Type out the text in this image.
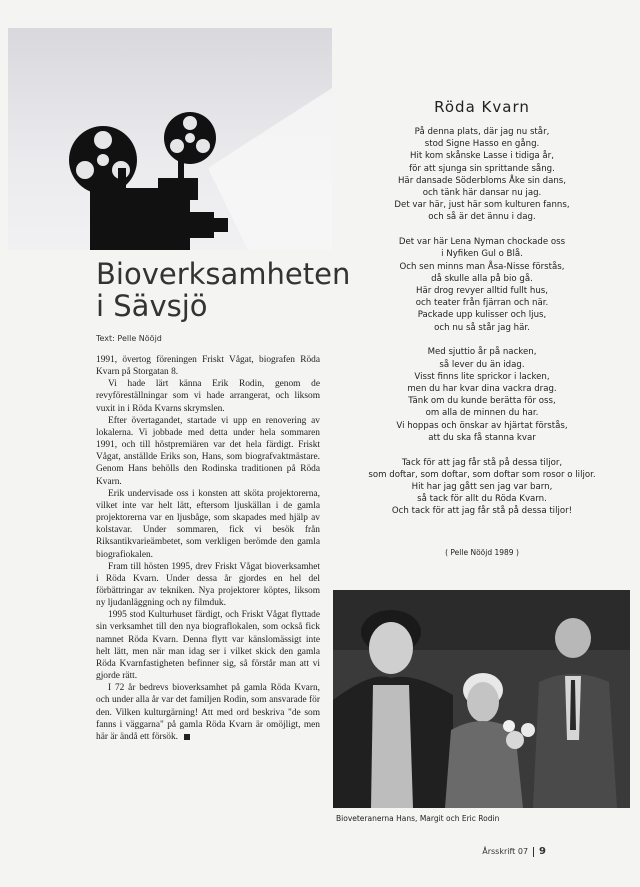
Bioverksamheten
i Sävsjö
Text: Pelle Nööjd

1991, övertog föreningen Friskt Vågat, biografen Röda Kvarn på Storgatan 8.

Vi hade lärt känna Erik Rodin, genom de revyföreställningar som vi hade arrangerat, och liksom vuxit in i Röda Kvarns skrymslen.

Efter övertagandet, startade vi upp en renovering av lokalerna. Vi jobbade med detta under hela sommaren 1991, och till höstpremiären var det hela färdigt. Friskt Vågat, anställde Eriks son, Hans, som biografvaktmästare. Genom Hans behölls den Rodinska traditionen på Röda Kvarn.

Erik undervisade oss i konsten att sköta projektorerna, vilket inte var helt lätt, eftersom ljuskällan i de gamla projektorerna var en ljusbåge, som skapades med hjälp av kolstavar. Under sommaren, fick vi besök från Riksantikvarieämbetet, som verkligen berömde den gamla biografiokalen.

Fram till hösten 1995, drev Friskt Vågat bioverksamhet i Röda Kvarn. Under dessa år gjordes en hel del förbättringar av tekniken. Nya projektorer köptes, liksom ny ljudanläggning och ny filmduk.

1995 stod Kulturhuset färdigt, och Friskt Vågat flyttade sin verksamhet till den nya biograflokalen, som också fick namnet Röda Kvarn. Denna flytt var känslomässigt inte helt lätt, men när man idag ser i vilket skick den gamla Röda Kvarnfastigheten befinner sig, så förstår man att vi gjorde rätt.

I 72 år bedrevs bioverksamhet på gamla Röda Kvarn, och under alla år var det familjen Rodin, som ansvarade för den. Vilken kulturgärning! Att med ord beskriva "de som fanns i väggarna" på gamla Röda Kvarn är omöjligt, men här är ändå ett försök.

Röda Kvarn
På denna plats, där jag nu står,
stod Signe Hasso en gång.
Hit kom skånske Lasse i tidiga år,
för att sjunga sin sprittande sång.
Här dansade Söderbloms Åke sin dans,
och tänk här dansar nu jag.
Det var här, just här som kulturen fanns,
och så är det ännu i dag.
Det var här Lena Nyman chockade oss
i Nyfiken Gul o Blå.
Och sen minns man Åsa-Nisse förstås,
då skulle alla på bio gå.
Här drog revyer alltid fullt hus,
och teater från fjärran och när.
Packade upp kulisser och ljus,
och nu så står jag här.
Med sjuttio år på nacken,
så lever du än idag.
Visst finns lite sprickor i lacken,
men du har kvar dina vackra drag.
Tänk om du kunde berätta för oss,
om alla de minnen du har.
Vi hoppas och önskar av hjärtat förstås,
att du ska få stanna kvar
Tack för att jag får stå på dessa tiljor,
som doftar, som doftar, som doftar som rosor o liljor.
Hit har jag gått sen jag var barn,
så tack för allt du Röda Kvarn.
Och tack för att jag får stå på dessa tiljor!
( Pelle Nööjd 1989 )
Bioveteranerna Hans, Margit och Eric Rodin
Årsskrift 07 9
